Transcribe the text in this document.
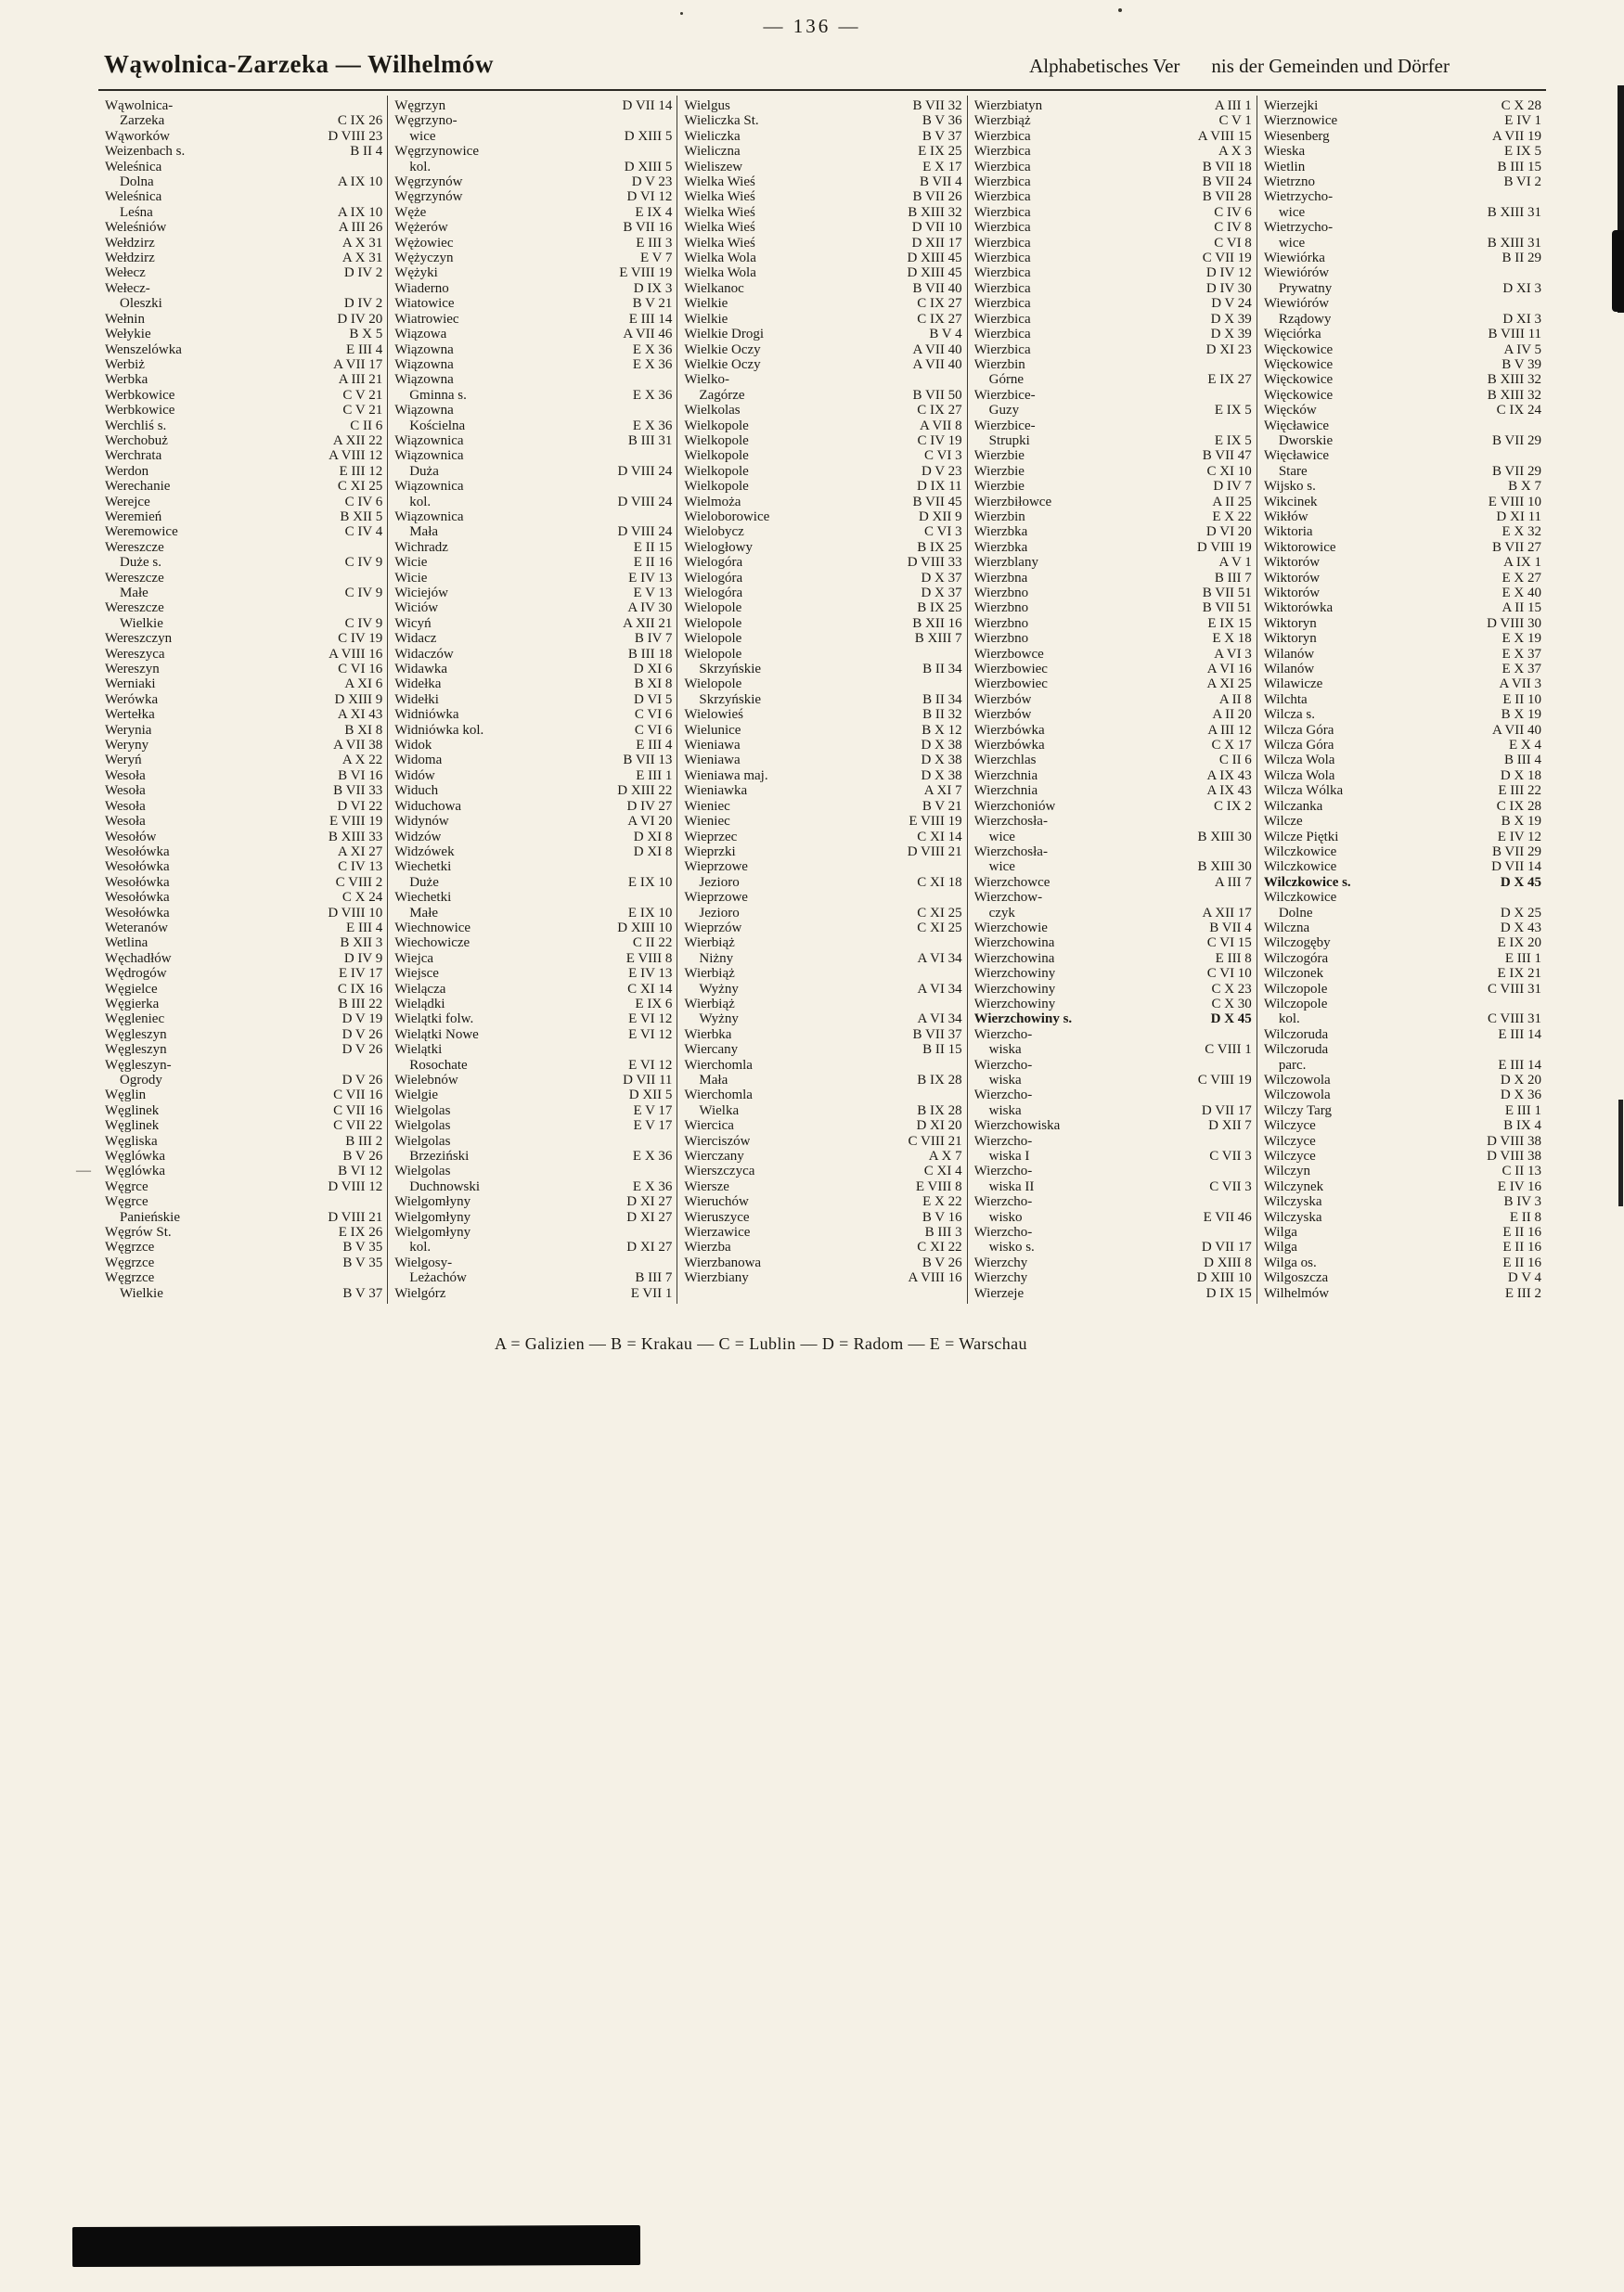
— 136 —
Wąwolnica-Zarzeka — Wilhelmów	Alphabetisches Ver nis der Gemeinden und Dörfer
Wąwolnica-
Zarzeka	C IX 26
Wąworków	D VIII 23
Weizenbach s.	B II 4
Weleśnica
Dolna	A IX 10
Weleśnica
Leśna	A IX 10
Weleśniów	A III 26
Wełdzirz	A X 31
Wełdzirz	A X 31
Wełecz	D IV 2
Wełecz-
Oleszki	D IV 2
Wełnin	D IV 20
Wełykie	B X 5
Wenszelówka	E III 4
Werbiż	A VII 17
Werbka	A III 21
Werbkowice	C V 21
Werbkowice	C V 21
Werchliś s.	C II 6
Werchobuż	A XII 22
Werchrata	A VIII 12
Werdon	E III 12
Werechanie	C XI 25
Werejce	C IV 6
Weremień	B XII 5
Weremowice	C IV 4
Wereszcze
Duże s.	C IV 9
Wereszcze
Małe	C IV 9
Wereszcze
Wielkie	C IV 9
Wereszczyn	C IV 19
Wereszyca	A VIII 16
Wereszyn	C VI 16
Werniaki	A XI 6
Werówka	D XIII 9
Wertełka	A XI 43
Werynia	B XI 8
Weryny	A VII 38
Weryń	A X 22
Wesoła	B VI 16
Wesoła	B VII 33
Wesoła	D VI 22
Wesoła	E VIII 19
Wesołów	B XIII 33
Wesołówka	A XI 27
Wesołówka	C IV 13
Wesołówka	C VIII 2
Wesołówka	C X 24
Wesołówka	D VIII 10
Weteranów	E III 4
Wetlina	B XII 3
Węchadłów	D IV 9
Wędrogów	E IV 17
Węgielce	C IX 16
Węgierka	B III 22
Węgleniec	D V 19
Węgleszyn	D V 26
Węgleszyn	D V 26
Węgleszyn-
Ogrody	D V 26
Węglin	C VII 16
Węglinek	C VII 16
Węglinek	C VII 22
Węgliska	B III 2
Węglówka	B V 26
Węglówka	B VI 12
Węgrce	D VIII 12
Węgrce
Panieńskie	D VIII 21
Węgrów St.	E IX 26
Węgrzce	B V 35
Węgrzce	B V 35
Węgrzce
Wielkie	B V 37
Węgrzyn	D VII 14
Węgrzyno-
wice	D XIII 5
Węgrzynowice
kol.	D XIII 5
Węgrzynów	D V 23
Węgrzynów	D VI 12
Węże	E IX 4
Wężerów	B VII 16
Wężowiec	E III 3
Wężyczyn	E V 7
Wężyki	E VIII 19
Wiaderno	D IX 3
Wiatowice	B V 21
Wiatrowiec	E III 14
Wiązowa	A VII 46
Wiązowna	E X 36
Wiązowna	E X 36
Wiązowna
Gminna s.	E X 36
Wiązowna
Kościelna	E X 36
Wiązownica	B III 31
Wiązownica
Duża	D VIII 24
Wiązownica
kol.	D VIII 24
Wiązownica
Mała	D VIII 24
Wichradz	E II 15
Wicie	E II 16
Wicie	E IV 13
Wiciejów	E V 13
Wiciów	A IV 30
Wicyń	A XII 21
Widacz	B IV 7
Widaczów	B III 18
Widawka	D XI 6
Widełka	B XI 8
Widełki	D VI 5
Widniówka	C VI 6
Widniówka kol.	C VI 6
Widok	E III 4
Widoma	B VII 13
Widów	E III 1
Widuch	D XIII 22
Widuchowa	D IV 27
Widynów	A VI 20
Widzów	D XI 8
Widzówek	D XI 8
Wiechetki
Duże	E IX 10
Wiechetki
Małe	E IX 10
Wiechnowice	D XIII 10
Wiechowicze	C II 22
Wiejca	E VIII 8
Wiejsce	E IV 13
Wielącza	C XI 14
Wielądki	E IX 6
Wielątki folw.	E VI 12
Wielątki Nowe	E VI 12
Wielątki
Rosochate	E VI 12
Wielebnów	D VII 11
Wielgie	D XII 5
Wielgolas	E V 17
Wielgolas	E V 17
Wielgolas
Brzeziński	E X 36
Wielgolas
Duchnowski	E X 36
Wielgomłyny	D XI 27
Wielgomłyny	D XI 27
Wielgomłyny
kol.	D XI 27
Wielgosy-
Leżachów	B III 7
Wielgórz	E VII 1
Wielgus	B VII 32
Wieliczka St.	B V 36
Wieliczka	B V 37
Wieliczna	E IX 25
Wieliszew	E X 17
Wielka Wieś	B VII 4
Wielka Wieś	B VII 26
Wielka Wieś	B XIII 32
Wielka Wieś	D VII 10
Wielka Wieś	D XII 17
Wielka Wola	D XIII 45
Wielka Wola	D XIII 45
Wielkanoc	B VII 40
Wielkie	C IX 27
Wielkie	C IX 27
Wielkie Drogi	B V 4
Wielkie Oczy	A VII 40
Wielkie Oczy	A VII 40
Wielko-
Zagórze	B VII 50
Wielkolas	C IX 27
Wielkopole	A VII 8
Wielkopole	C IV 19
Wielkopole	C VI 3
Wielkopole	D V 23
Wielkopole	D IX 11
Wielmoża	B VII 45
Wieloborowice	D XII 9
Wielobycz	C VI 3
Wielogłowy	B IX 25
Wielogóra	D VIII 33
Wielogóra	D X 37
Wielogóra	D X 37
Wielopole	B IX 25
Wielopole	B XII 16
Wielopole	B XIII 7
Wielopole
Skrzyńskie	B II 34
Wielopole
Skrzyńskie	B II 34
Wielowieś	B II 32
Wielunice	B X 12
Wieniawa	D X 38
Wieniawa	D X 38
Wieniawa maj.	D X 38
Wieniawka	A XI 7
Wieniec	B V 21
Wieniec	E VIII 19
Wieprzec	C XI 14
Wieprzki	D VIII 21
Wieprzowe
Jezioro	C XI 18
Wieprzowe
Jezioro	C XI 25
Wieprzów	C XI 25
Wierbiąż
Niżny	A VI 34
Wierbiąż
Wyżny	A VI 34
Wierbiąż
Wyżny	A VI 34
Wierbka	B VII 37
Wiercany	B II 15
Wierchomla
Mała	B IX 28
Wierchomla
Wielka	B IX 28
Wiercica	D XI 20
Wierciszów	C VIII 21
Wierczany	A X 7
Wierszczyca	C XI 4
Wiersze	E VIII 8
Wieruchów	E X 22
Wieruszyce	B V 16
Wierzawice	B III 3
Wierzba	C XI 22
Wierzbanowa	B V 26
Wierzbiany	A VIII 16
Wierzbiatyn	A III 1
Wierzbiąż	C V 1
Wierzbica	A VIII 15
Wierzbica	A X 3
Wierzbica	B VII 18
Wierzbica	B VII 24
Wierzbica	B VII 28
Wierzbica	C IV 6
Wierzbica	C IV 8
Wierzbica	C VI 8
Wierzbica	C VII 19
Wierzbica	D IV 12
Wierzbica	D IV 30
Wierzbica	D V 24
Wierzbica	D X 39
Wierzbica	D X 39
Wierzbica	D XI 23
Wierzbin
Górne	E IX 27
Wierzbice-
Guzy	E IX 5
Wierzbice-
Strupki	E IX 5
Wierzbie	B VII 47
Wierzbie	C XI 10
Wierzbie	D IV 7
Wierzbiłowce	A II 25
Wierzbin	E X 22
Wierzbka	D VI 20
Wierzbka	D VIII 19
Wierzblany	A V 1
Wierzbna	B III 7
Wierzbno	B VII 51
Wierzbno	B VII 51
Wierzbno	E IX 15
Wierzbno	E X 18
Wierzbowce	A VI 3
Wierzbowiec	A VI 16
Wierzbowiec	A XI 25
Wierzbów	A II 8
Wierzbów	A II 20
Wierzbówka	A III 12
Wierzbówka	C X 17
Wierzchlas	C II 6
Wierzchnia	A IX 43
Wierzchnia	A IX 43
Wierzchoniów	C IX 2
Wierzchosła-
wice	B XIII 30
Wierzchosła-
wice	B XIII 30
Wierzchowce	A III 7
Wierzchow-
czyk	A XII 17
Wierzchowie	B VII 4
Wierzchowina	C VI 15
Wierzchowina	E III 8
Wierzchowiny	C VI 10
Wierzchowiny	C X 23
Wierzchowiny	C X 30
Wierzchowiny s.	D X 45
Wierzcho-
wiska	C VIII 1
Wierzcho-
wiska	C VIII 19
Wierzcho-
wiska	D VII 17
Wierzchowiska	D XII 7
Wierzcho-
wiska I	C VII 3
Wierzcho-
wiska II	C VII 3
Wierzcho-
wisko	E VII 46
Wierzcho-
wisko s.	D VII 17
Wierzchy	D XIII 8
Wierzchy	D XIII 10
Wierzeje	D IX 15
Wierzejki	C X 28
Wierznowice	E IV 1
Wiesenberg	A VII 19
Wieska	E IX 5
Wietlin	B III 15
Wietrzno	B VI 2
Wietrzycho-
wice	B XIII 31
Wietrzycho-
wice	B XIII 31
Wiewiórka	B II 29
Wiewiórów
Prywatny	D XI 3
Wiewiórów
Rządowy	D XI 3
Więciórka	B VIII 11
Więckowice	A IV 5
Więckowice	B V 39
Więckowice	B XIII 32
Więckowice	B XIII 32
Więcków	C IX 24
Więcławice
Dworskie	B VII 29
Więcławice
Stare	B VII 29
Wijsko s.	B X 7
Wikcinek	E VIII 10
Wikłów	D XI 11
Wiktoria	E X 32
Wiktorowice	B VII 27
Wiktorów	A IX 1
Wiktorów	E X 27
Wiktorów	E X 40
Wiktorówka	A II 15
Wiktoryn	D VIII 30
Wiktoryn	E X 19
Wilanów	E X 37
Wilanów	E X 37
Wilawicze	A VII 3
Wilchta	E II 10
Wilcza s.	B X 19
Wilcza Góra	A VII 40
Wilcza Góra	E X 4
Wilcza Wola	B III 4
Wilcza Wola	D X 18
Wilcza Wólka	E III 22
Wilczanka	C IX 28
Wilcze	B X 19
Wilcze Piętki	E IV 12
Wilczkowice	B VII 29
Wilczkowice	D VII 14
Wilczkowice s.	D X 45
Wilczkowice
Dolne	D X 25
Wilczna	D X 43
Wilczogęby	E IX 20
Wilczogóra	E III 1
Wilczonek	E IX 21
Wilczopole	C VIII 31
Wilczopole
kol.	C VIII 31
Wilczoruda	E III 14
Wilczoruda
parc.	E III 14
Wilczowola	D X 20
Wilczowola	D X 36
Wilczy Targ	E III 1
Wilczyce	B IX 4
Wilczyce	D VIII 38
Wilczyce	D VIII 38
Wilczyn	C II 13
Wilczynek	E IV 16
Wilczyska	B IV 3
Wilczyska	E II 8
Wilga	E II 16
Wilga	E II 16
Wilga os.	E II 16
Wilgoszcza	D V 4
Wilhelmów	E III 2
A = Galizien — B = Krakau — C = Lublin — D = Radom — E = Warschau
—
